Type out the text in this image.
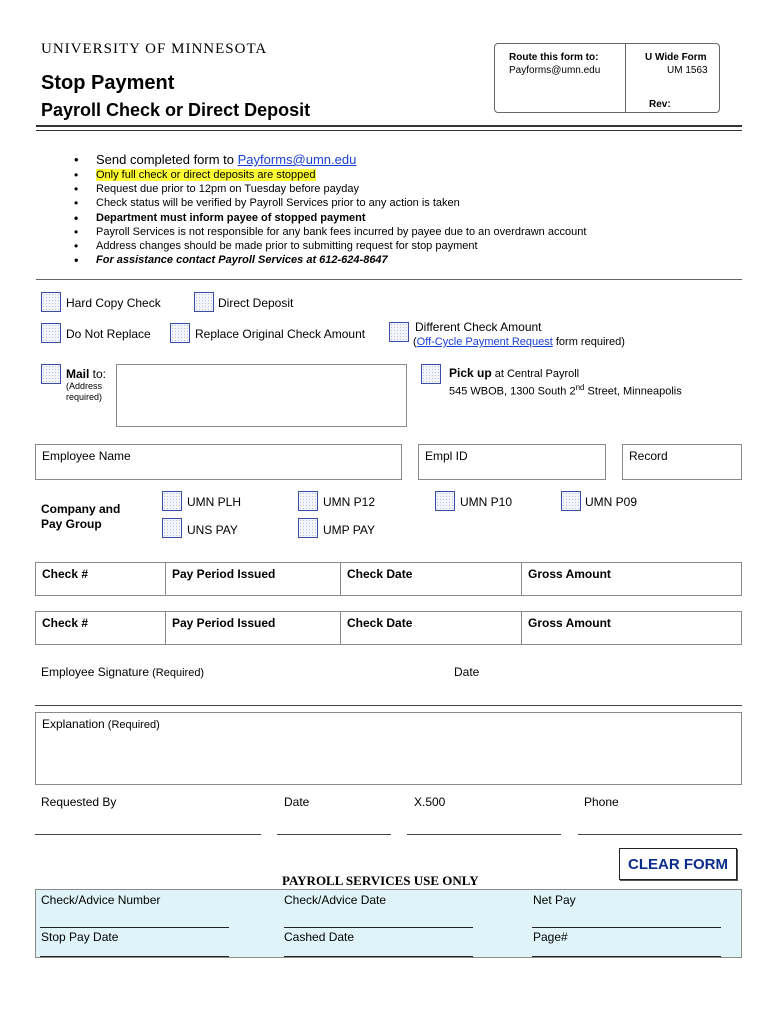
UNIVERSITY OF MINNESOTA
Stop Payment
Payroll Check or Direct Deposit
Route this form to:
Payforms@umn.edu
U Wide Form
UM 1563
Rev:
• Send completed form to Payforms@umn.edu
• Only full check or direct deposits are stopped
• Request due prior to 12pm on Tuesday before payday
• Check status will be verified by Payroll Services prior to any action is taken
• Department must inform payee of stopped payment
• Payroll Services is not responsible for any bank fees incurred by payee due to an overdrawn account
• Address changes should be made prior to submitting request for stop payment
• For assistance contact Payroll Services at 612-624-8647
Hard Copy Check	Direct Deposit
Do Not Replace	Replace Original Check Amount	Different Check Amount
(Off-Cycle Payment Request form required)
Mail to:
(Address required)
Pick up at Central Payroll
545 WBOB, 1300 South 2nd Street, Minneapolis
Employee Name	Empl ID	Record
Company and Pay Group
UMN PLH	UMN P12	UMN P10	UMN P09
UNS PAY	UMP PAY
Check #	Pay Period Issued	Check Date	Gross Amount
Check #	Pay Period Issued	Check Date	Gross Amount
Employee Signature (Required)	Date
Explanation (Required)
Requested By	Date	X.500	Phone
CLEAR FORM
PAYROLL SERVICES USE ONLY
Check/Advice Number	Check/Advice Date	Net Pay
Stop Pay Date	Cashed Date	Page#
